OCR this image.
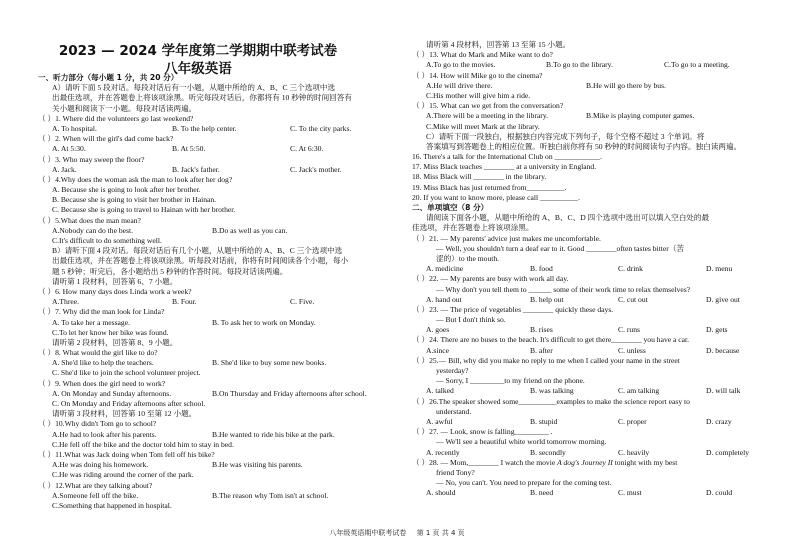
2023 — 2024 学年度第二学期期中联考试卷
八年级英语
一、听力部分（每小题 1 分，共 20 分）
A）请听下面 5 段对话。每段对话后有一小题，从题中所给的 A、B、C 三个选项中选
出最佳选项，并在答题卷上将该项涂黑。听完每段对话后，你都将有 10 秒钟的时间回答有
关小题和阅读下一小题。每段对话读两遍。
（ ）1. Where did the volunteers go last weekend?
A. To hospital.	B. To the help center.	C. To the city parks.
（ ）2. When will the girl's dad come back?
A. At 5:30.	B. At 5:50.	C. At 6:30.
（ ）3. Who may sweep the floor?
A. Jack.	B. Jack's father.	C. Jack's mother.
（ ）4.Why does the woman ask the man to look after her dog?
A. Because she is going to look after her brother.
B. Because she is going to visit her brother in Hainan.
C. Because she is going to travel to Hainan with her brother.
（ ）5.What does the man mean?
A.Nobody can do the best.	B.Do as well as you can.
C.It's difficult to do something well.
B）请听下面 4 段对话。每段对话后有几个小题，从题中所给的 A、B、C 三个选项中选
出最佳选项，并在答题卷上将该项涂黑。听每段对话前，你将有时间阅读各个小题，每小
题 5 秒钟；听完后，各小题给出 5 秒钟的作答时间。每段对话读两遍。
请听第 1 段材料，回答第 6、7 小题。
（ ）6. How many days does Linda work a week?
A.Three.	B. Four.	C. Five.
（ ）7. Why did the man look for Linda?
A. To take her a message.	B. To ask her to work on Monday.
C.To let her know her bike was found.
请听第 2 段材料，回答第 8、9 小题。
（ ）8. What would the girl like to do?
A. She'd like to help the teachers.	B. She'd like to buy some new books.
C. She'd like to join the school volunteer project.
（ ）9. When does the girl need to work?
A. On Monday and Sunday afternoons.	B.On Thursday and Friday afternoons after school.
C. On Monday and Friday afternoons after school.
请听第 3 段材料，回答第 10 至第 12 小题。
（ ）10.Why didn't Tom go to school?
A.He had to look after his parents.	B.He wanted to ride his bike at the park.
C.He fell off the bike and the doctor told him to stay in bed.
（ ）11.What was Jack doing when Tom fell off his bike?
A.He was doing his homework.	B.He was visiting his parents.
C.He was riding around the corner of the park.
（ ）12.What are they talking about?
A.Someone fell off the bike.	B.The reason why Tom isn't at school.
C.Something that happened in hospital.
请听第 4 段材料，回答第 13 至第 15 小题。
（ ）13. What do Mark and Mike want to do?
A.To go to the movies.	B.To go to the library.	C.To go to a meeting.
（ ）14. How will Mike go to the cinema?
A.He will drive there.	B.He will go there by bus.
C.His mother will give him a ride.
（ ）15. What can we get from the conversation?
A.There will be a meeting in the library.	B.Mike is playing computer games.
C.Mike will meet Mark at the library.
C）请听下面一段独白，根据独白内容完成下列句子，每个空格不超过 3 个单词。将
答案填写到答题卷上的相应位置。听独白前你将有 50 秒钟的时间阅读句子内容。独白读两遍。
16. There's a talk for the International Club on ____________.
17. Miss Black teaches ________ at a university in England.
18. Miss Black will ________ in the library.
19. Miss Black has just returned from__________.
20. If you want to know more, please call __________.
二、单项填空（8 分）
请阅读下面各小题，从题中所给的 A、B、C、D 四个选项中选出可以填入空白处的最
佳选项，并在答题卷上将该项涂黑。
（ ）21. — My parents' advice just makes me uncomfortable.
— Well, you shouldn't turn a deaf ear to it. Good ________often tastes bitter（苦
涩的）to the mouth.
A. medicine	B. food	C. drink	D. menu
（ ）22. — My parents are busy with work all day.
— Why don't you tell them to ______ some of their work time to relax themselves?
A. hand out	B. help out	C. cut out	D. give out
（ ）23. — The price of vegetables ________ quickly these days.
— But I don't think so.
A. goes	B. rises	C. runs	D. gets
（ ）24. There are no buses to the beach. It's difficult to get there________ you have a car.
A.since	B. after	C. unless	D. because
（ ）25.— Bill, why did you make no reply to me when I called your name in the street
yesterday?
— Sorry, I _________to my friend on the phone.
A. talked	B. was talking	C. am talking	D. will talk
（ ）26.The speaker showed some__________examples to make the science report easy to
understand.
A. awful	B. stupid	C. proper	D. crazy
（ ）27. — Look, snow is falling_________ .
— We'll see a beautiful white world tomorrow morning.
A. recently	B. secondly	C. heavily	D. completely
（ ）28. — Mom,________ I watch the movie A dog's Journey II tonight with my best
friend Tony?
— No, you can't. You need to prepare for the coming test.
A. should	B. need	C. must	D. could
八年级英语期中联考试卷 第 1 页 共 4 页
